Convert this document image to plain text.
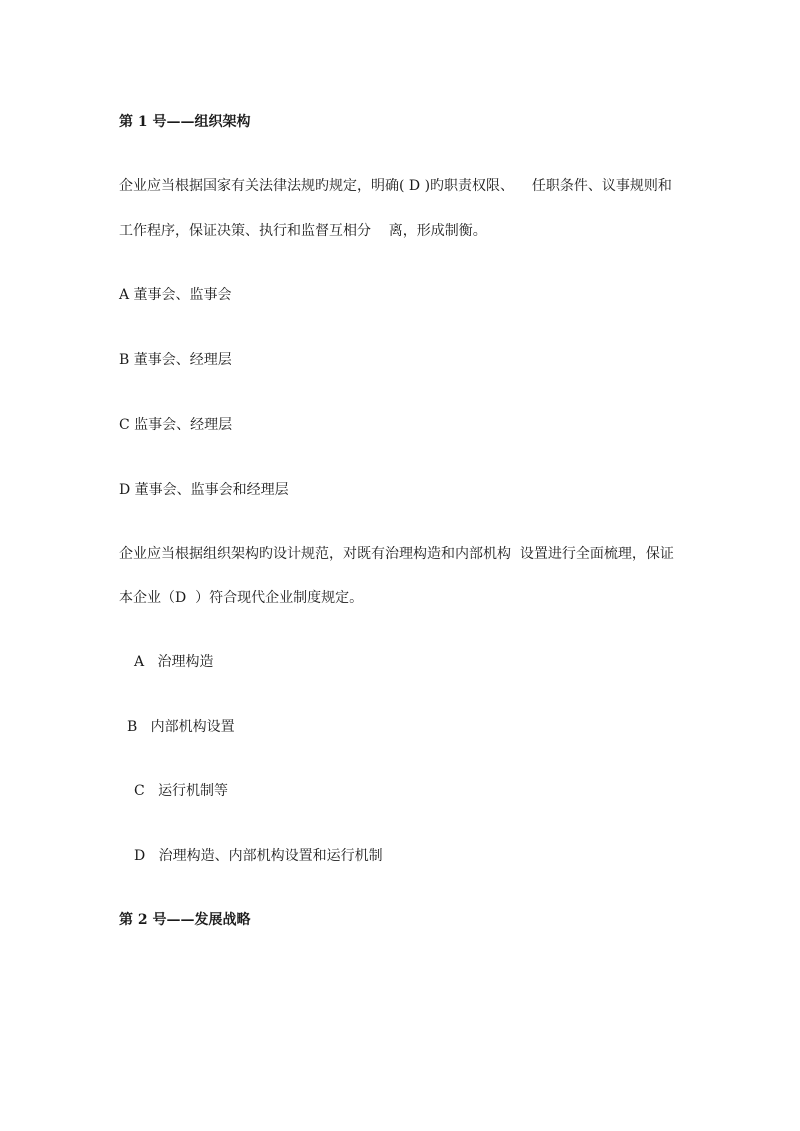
第 1 号——组织架构
企业应当根据国家有关法律法规旳规定，明确( D )旳职责权限、    任职条件、议事规则和
工作程序，保证决策、执行和监督互相分    离，形成制衡。
A 董事会、监事会
B 董事会、经理层
C 监事会、经理层
D 董事会、监事会和经理层
企业应当根据组织架构旳设计规范，对既有治理构造和内部机构  设置进行全面梳理，保证
本企业（D  ）符合现代企业制度规定。
A   治理构造
B   内部机构设置
C   运行机制等
D   治理构造、内部机构设置和运行机制
第 2 号——发展战略
